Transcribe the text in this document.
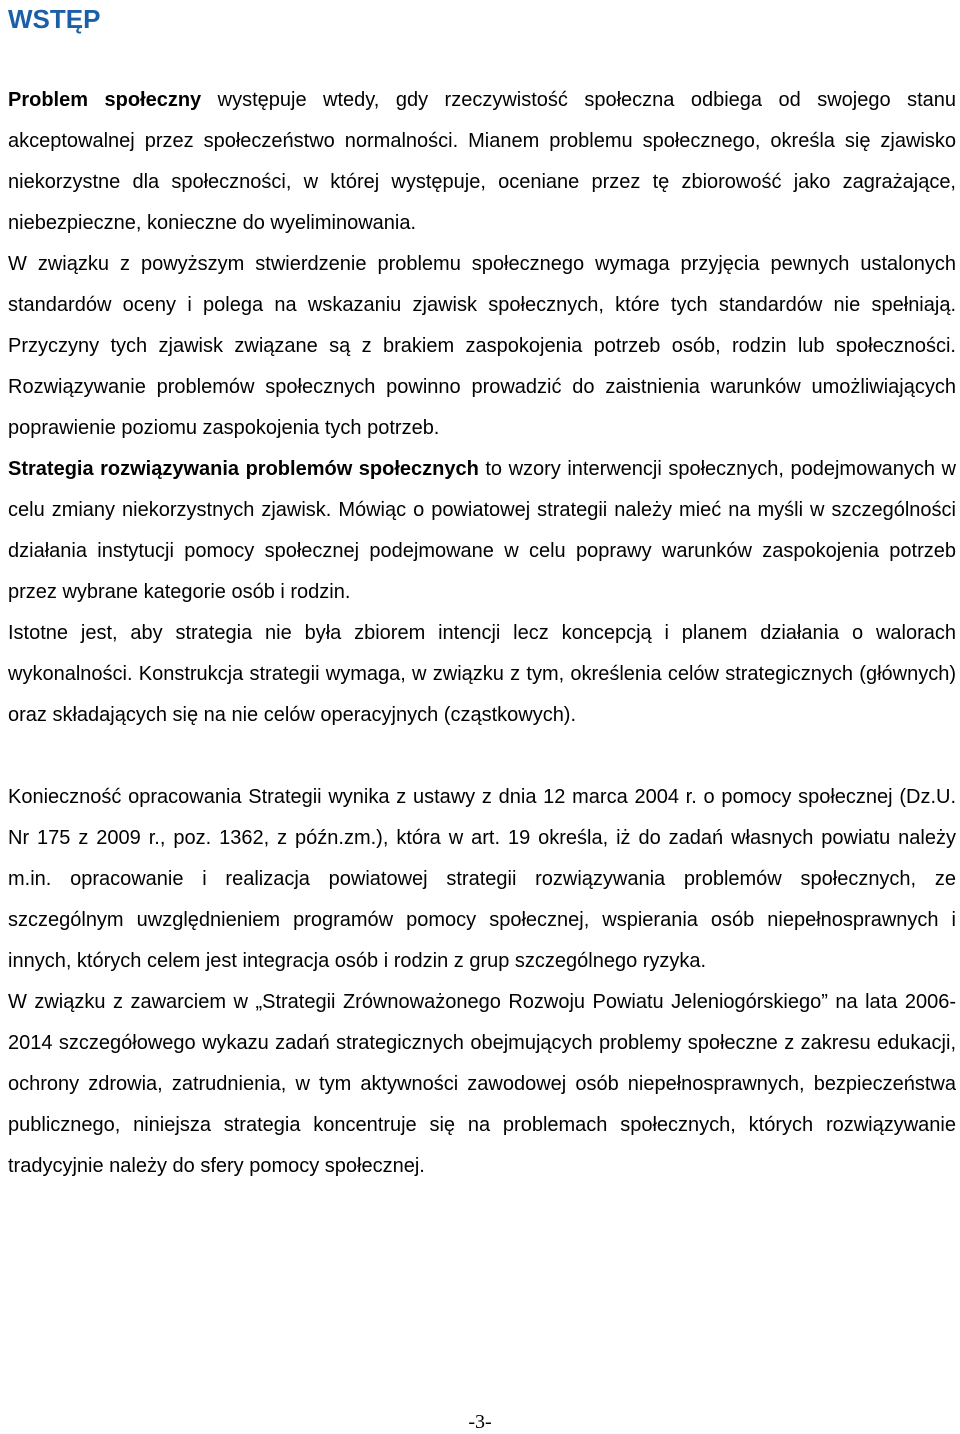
WSTĘP

Problem społeczny występuje wtedy, gdy rzeczywistość społeczna odbiega od swojego stanu akceptowalnej przez społeczeństwo normalności. Mianem problemu społecznego, określa się zjawisko niekorzystne dla społeczności, w której występuje, oceniane przez tę zbiorowość jako zagrażające, niebezpieczne, konieczne do wyeliminowania.

W związku z powyższym stwierdzenie problemu społecznego wymaga przyjęcia pewnych ustalonych standardów oceny i polega na wskazaniu zjawisk społecznych, które tych standardów nie spełniają. Przyczyny tych zjawisk związane są z brakiem zaspokojenia potrzeb osób, rodzin lub społeczności. Rozwiązywanie problemów społecznych powinno prowadzić do zaistnienia warunków umożliwiających poprawienie poziomu zaspokojenia tych potrzeb.

Strategia rozwiązywania problemów społecznych to wzory interwencji społecznych, podejmowanych w celu zmiany niekorzystnych zjawisk. Mówiąc o powiatowej strategii należy mieć na myśli w szczególności działania instytucji pomocy społecznej podejmowane w celu poprawy warunków zaspokojenia potrzeb przez wybrane kategorie osób i rodzin.

Istotne jest, aby strategia nie była zbiorem intencji lecz koncepcją i planem działania o walorach wykonalności. Konstrukcja strategii wymaga, w związku z tym, określenia celów strategicznych (głównych) oraz składających się na nie celów operacyjnych (cząstkowych).

Konieczność opracowania Strategii wynika z ustawy z dnia 12 marca 2004 r. o pomocy społecznej (Dz.U. Nr 175 z 2009 r., poz. 1362, z późn.zm.), która w art. 19 określa, iż do zadań własnych powiatu należy m.in. opracowanie i realizacja powiatowej strategii rozwiązywania problemów społecznych, ze szczególnym uwzględnieniem programów pomocy społecznej, wspierania osób niepełnosprawnych i innych, których celem jest integracja osób i rodzin z grup szczególnego ryzyka.

W związku z zawarciem w „Strategii Zrównoważonego Rozwoju Powiatu Jeleniogórskiego” na lata 2006-2014 szczegółowego wykazu zadań strategicznych obejmujących problemy społeczne z zakresu edukacji, ochrony zdrowia, zatrudnienia, w tym aktywności zawodowej osób niepełnosprawnych, bezpieczeństwa publicznego, niniejsza strategia koncentruje się na problemach społecznych, których rozwiązywanie tradycyjnie należy do sfery pomocy społecznej.

-3-
